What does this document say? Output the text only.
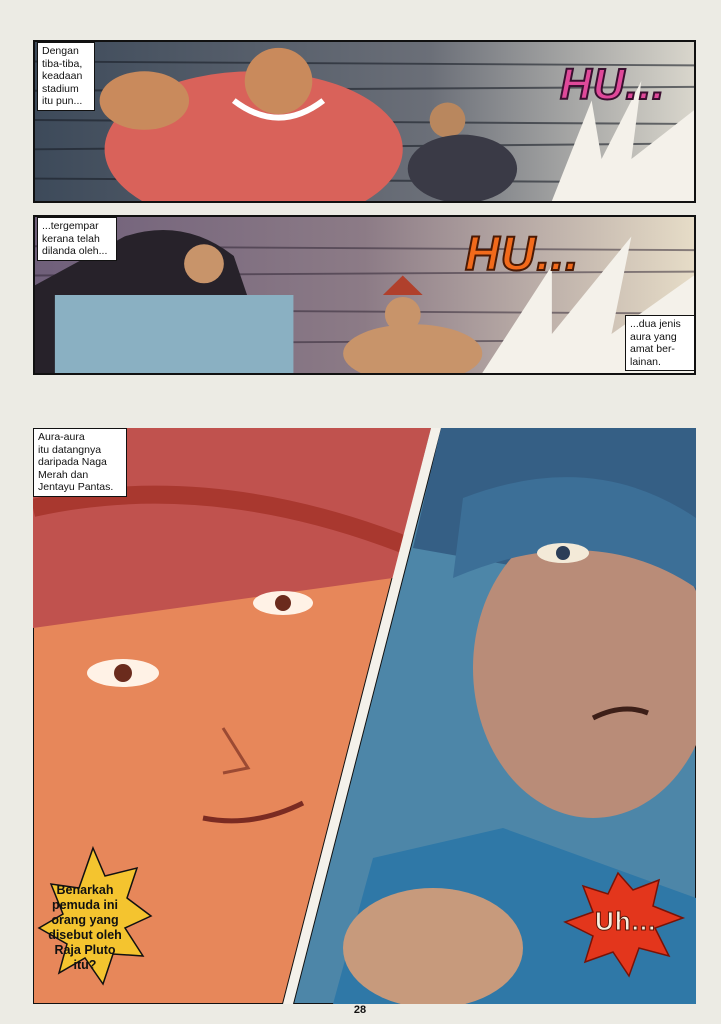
Dengan
tiba-tiba,
keadaan
stadium
itu pun...	HU...
...tergempar
kerana telah
dilanda oleh...	HU...
...dua jenis
aura yang
amat ber-
lainan.
Aura-aura
itu datangnya
daripada Naga
Merah dan
Jentayu Pantas.
Benarkah
pemuda ini
orang yang
disebut oleh
Raja Pluto
itu?
Uh...
28
